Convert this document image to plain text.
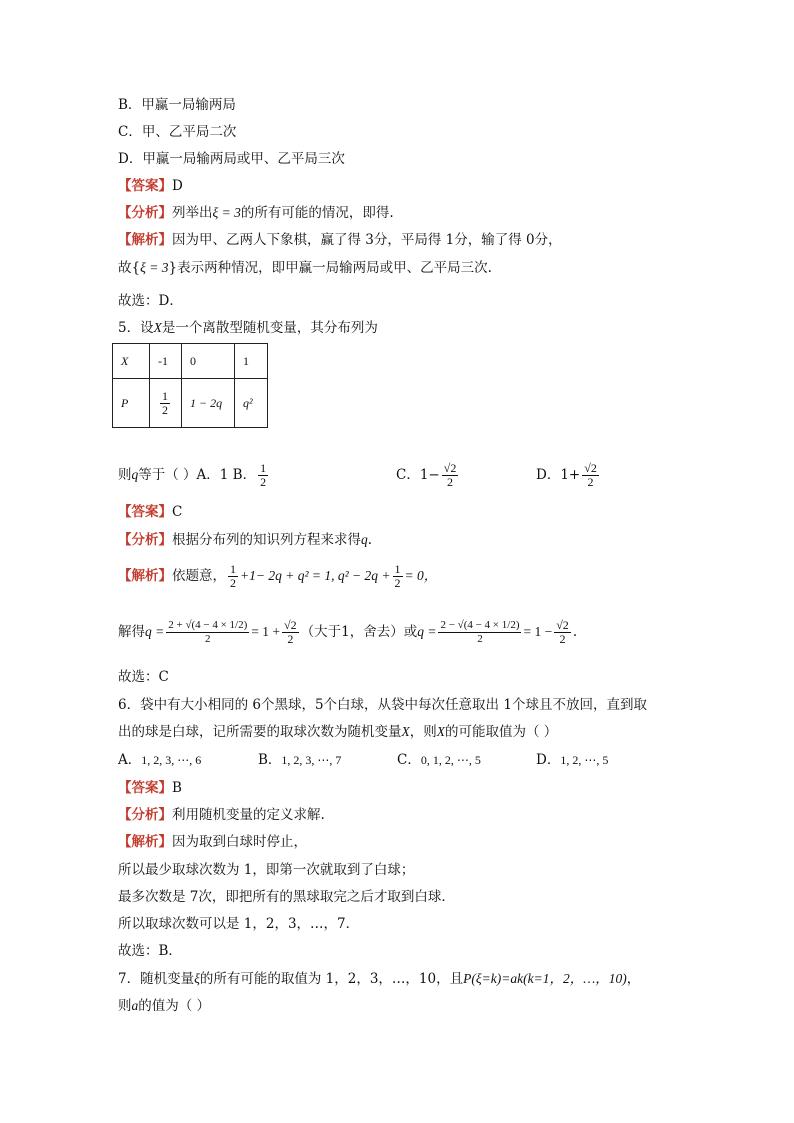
B．甲赢一局输两局
C．甲、乙平局二次
D．甲赢一局输两局或甲、乙平局三次
【答案】D
【分析】列举出ξ = 3的所有可能的情况，即得.
【解析】因为甲、乙两人下象棋，赢了得 3分，平局得 1分，输了得 0分，
故{ξ = 3}表示两种情况，即甲赢一局输两局或甲、乙平局三次.
故选：D．
5．设X是一个离散型随机变量，其分布列为
X	-1	0	1
P	$\frac{1}{2}$	1 − 2q	q²
则q等于（ ）A．1 B． $\frac{1}{2}$	C．$1- \frac{√2}{2}$	D．$1+ \frac{√2}{2}$
【答案】C
【分析】根据分布列的知识列方程来求得q.
【解析】依题意， $\frac{1}{2} +1- 2q + q^2 = 1$, $q^2 - 2q + \frac{1}{2} = 0$，
解得$q = \frac{2 + √(4 - 4 \times 1/2)}{2} = 1 + \frac{√2}{2}$ （大于1，舍去）或$q = \frac{2 - √(4 - 4 \times 1/2)}{2} = 1 - \frac{√2}{2}$ .
故选：C
6．袋中有大小相同的 6个黑球，5个白球，从袋中每次任意取出 1个球且不放回，直到取
出的球是白球，记所需要的取球次数为随机变量X，则X的可能取值为（ ）
A．1, 2, 3, ⋯, 6	B．1, 2, 3, ⋯, 7	C．0, 1, 2, ⋯, 5	D．1, 2, ⋯, 5
【答案】B
【分析】利用随机变量的定义求解.
【解析】因为取到白球时停止，
所以最少取球次数为 1，即第一次就取到了白球；
最多次数是 7次，即把所有的黑球取完之后才取到白球．
所以取球次数可以是 1，2，3，…，7．
故选：B．
7．随机变量ξ的所有可能的取值为 1，2，3，…，10，且P(ξ=k)=ak(k=1，2，…，10)，
则a的值为（ ）
